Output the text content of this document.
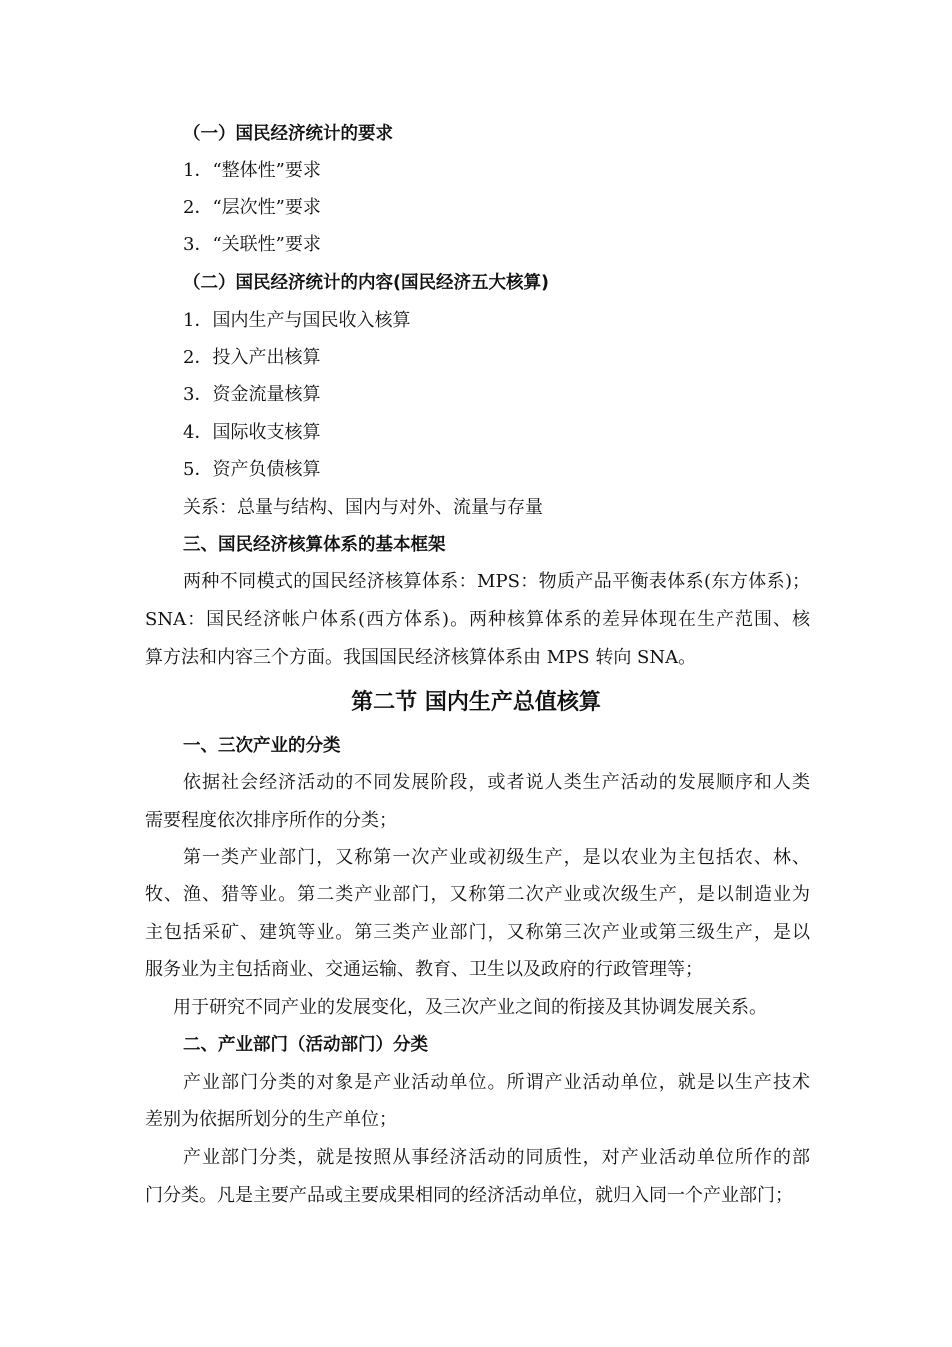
（一）国民经济统计的要求
1．“整体性”要求
2．“层次性”要求
3．“关联性”要求
（二）国民经济统计的内容(国民经济五大核算)
1．国内生产与国民收入核算
2．投入产出核算
3．资金流量核算
4．国际收支核算
5．资产负债核算
关系：总量与结构、国内与对外、流量与存量
三、国民经济核算体系的基本框架
两种不同模式的国民经济核算体系：MPS：物质产品平衡表体系(东方体系)；
SNA：国民经济帐户体系(西方体系)。两种核算体系的差异体现在生产范围、核
算方法和内容三个方面。我国国民经济核算体系由 MPS 转向 SNA。
第二节 国内生产总值核算
一、三次产业的分类
依据社会经济活动的不同发展阶段，或者说人类生产活动的发展顺序和人类
需要程度依次排序所作的分类；
第一类产业部门，又称第一次产业或初级生产，是以农业为主包括农、林、
牧、渔、猎等业。第二类产业部门，又称第二次产业或次级生产，是以制造业为
主包括采矿、建筑等业。第三类产业部门，又称第三次产业或第三级生产，是以
服务业为主包括商业、交通运输、教育、卫生以及政府的行政管理等；
用于研究不同产业的发展变化，及三次产业之间的衔接及其协调发展关系。
二、产业部门（活动部门）分类
产业部门分类的对象是产业活动单位。所谓产业活动单位，就是以生产技术
差别为依据所划分的生产单位；
产业部门分类，就是按照从事经济活动的同质性，对产业活动单位所作的部
门分类。凡是主要产品或主要成果相同的经济活动单位，就归入同一个产业部门；
